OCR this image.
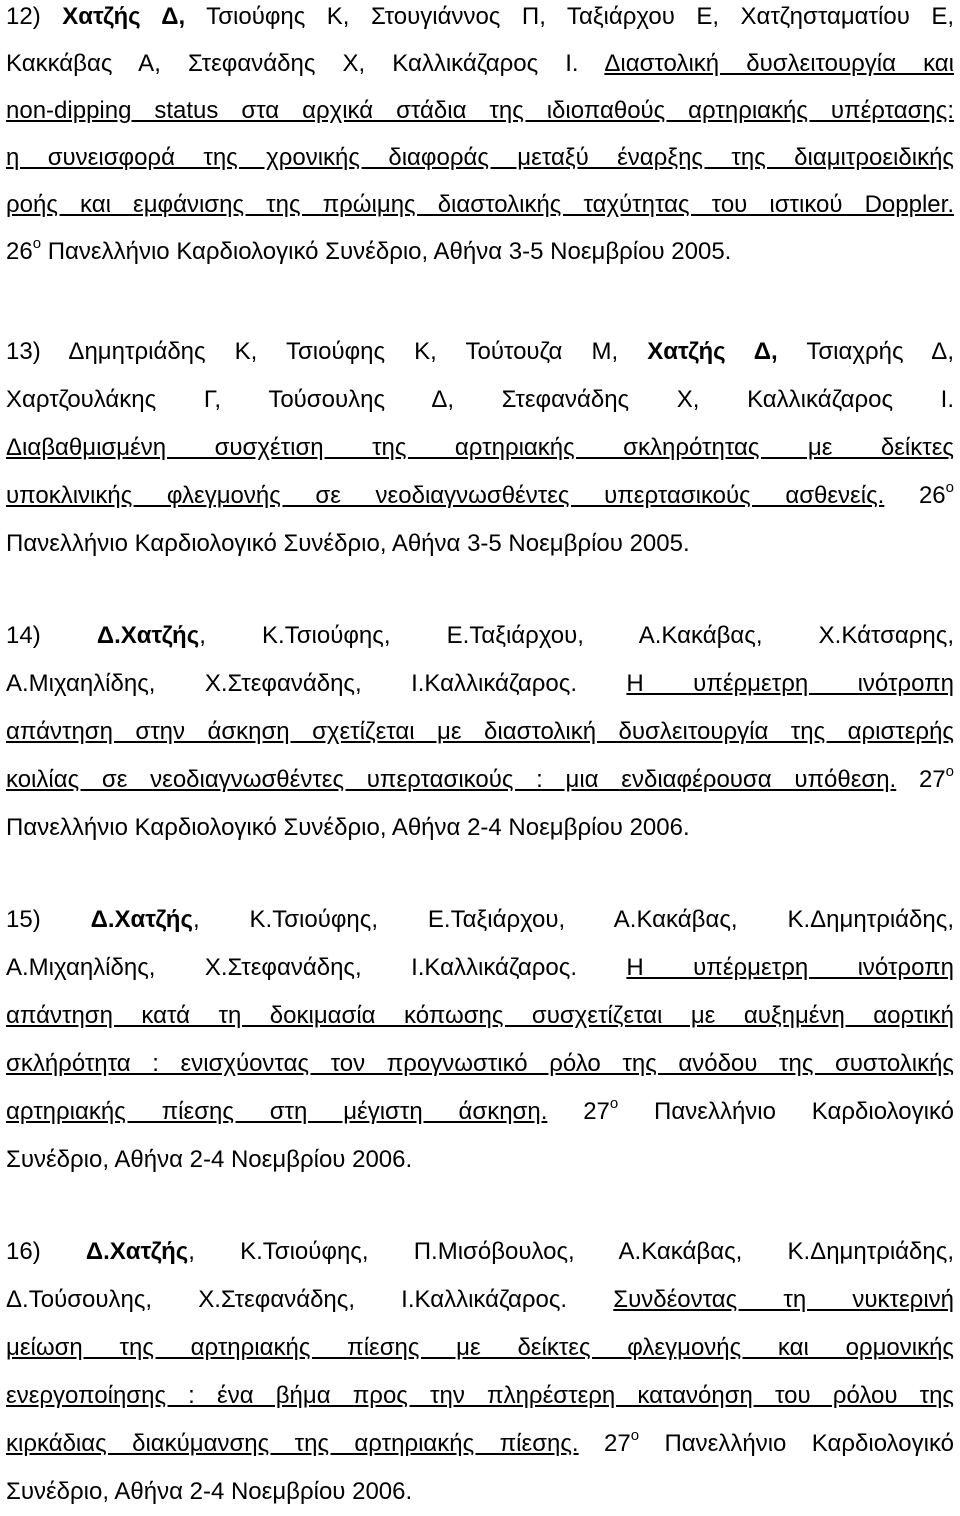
12) Χατζής Δ, Τσιούφης Κ, Στουγιάννος Π, Ταξιάρχου Ε, Χατζησταματίου Ε,
Κακκάβας Α, Στεφανάδης Χ, Καλλικάζαρος Ι. Διαστολική δυσλειτουργία και
non-dipping status στα αρχικά στάδια της ιδιοπαθούς αρτηριακής υπέρτασης:
η συνεισφορά της χρονικής διαφοράς μεταξύ έναρξης της διαμιτροειδικής
ροής και εμφάνισης της πρώιμης διαστολικής ταχύτητας του ιστικού Doppler.
$26^o$ Πανελλήνιο Καρδιολογικό Συνέδριο, Αθήνα 3-5 Νοεμβρίου 2005.
13) Δημητριάδης Κ, Τσιούφης Κ, Τούτουζα Μ, Χατζής Δ, Τσιαχρής Δ,
Χαρτζουλάκης Γ, Τούσουλης Δ, Στεφανάδης Χ, Καλλικάζαρος Ι.
Διαβαθμισμένη συσχέτιση της αρτηριακής σκληρότητας με δείκτες
υποκλινικής φλεγμονής σε νεοδιαγνωσθέντες υπερτασικούς ασθενείς. $26^o$
Πανελλήνιο Καρδιολογικό Συνέδριο, Αθήνα 3-5 Νοεμβρίου 2005.
14) Δ.Χατζής, Κ.Τσιούφης, Ε.Ταξιάρχου, Α.Κακάβας, Χ.Κάτσαρης,
Α.Μιχαηλίδης, Χ.Στεφανάδης, Ι.Καλλικάζαρος. Η υπέρμετρη ινότροπη
απάντηση στην άσκηση σχετίζεται με διαστολική δυσλειτουργία της αριστερής
κοιλίας σε νεοδιαγνωσθέντες υπερτασικούς : μια ενδιαφέρουσα υπόθεση. $27^o$
Πανελλήνιο Καρδιολογικό Συνέδριο, Αθήνα 2-4 Νοεμβρίου 2006.
15) Δ.Χατζής, Κ.Τσιούφης, Ε.Ταξιάρχου, Α.Κακάβας, Κ.Δημητριάδης,
Α.Μιχαηλίδης, Χ.Στεφανάδης, Ι.Καλλικάζαρος. Η υπέρμετρη ινότροπη
απάντηση κατά τη δοκιμασία κόπωσης συσχετίζεται με αυξημένη αορτική
σκλήρότητα : ενισχύοντας τον προγνωστικό ρόλο της ανόδου της συστολικής
αρτηριακής πίεσης στη μέγιστη άσκηση. $27^o$ Πανελλήνιο Καρδιολογικό
Συνέδριο, Αθήνα 2-4 Νοεμβρίου 2006.
16) Δ.Χατζής, Κ.Τσιούφης, Π.Μισόβουλος, Α.Κακάβας, Κ.Δημητριάδης,
Δ.Τούσουλης, Χ.Στεφανάδης, Ι.Καλλικάζαρος. Συνδέοντας τη νυκτερινή
μείωση της αρτηριακής πίεσης με δείκτες φλεγμονής και ορμονικής
ενεργοποίησης : ένα βήμα προς την πληρέστερη κατανόηση του ρόλου της
κιρκάδιας διακύμανσης της αρτηριακής πίεσης. $27^o$ Πανελλήνιο Καρδιολογικό
Συνέδριο, Αθήνα 2-4 Νοεμβρίου 2006.
